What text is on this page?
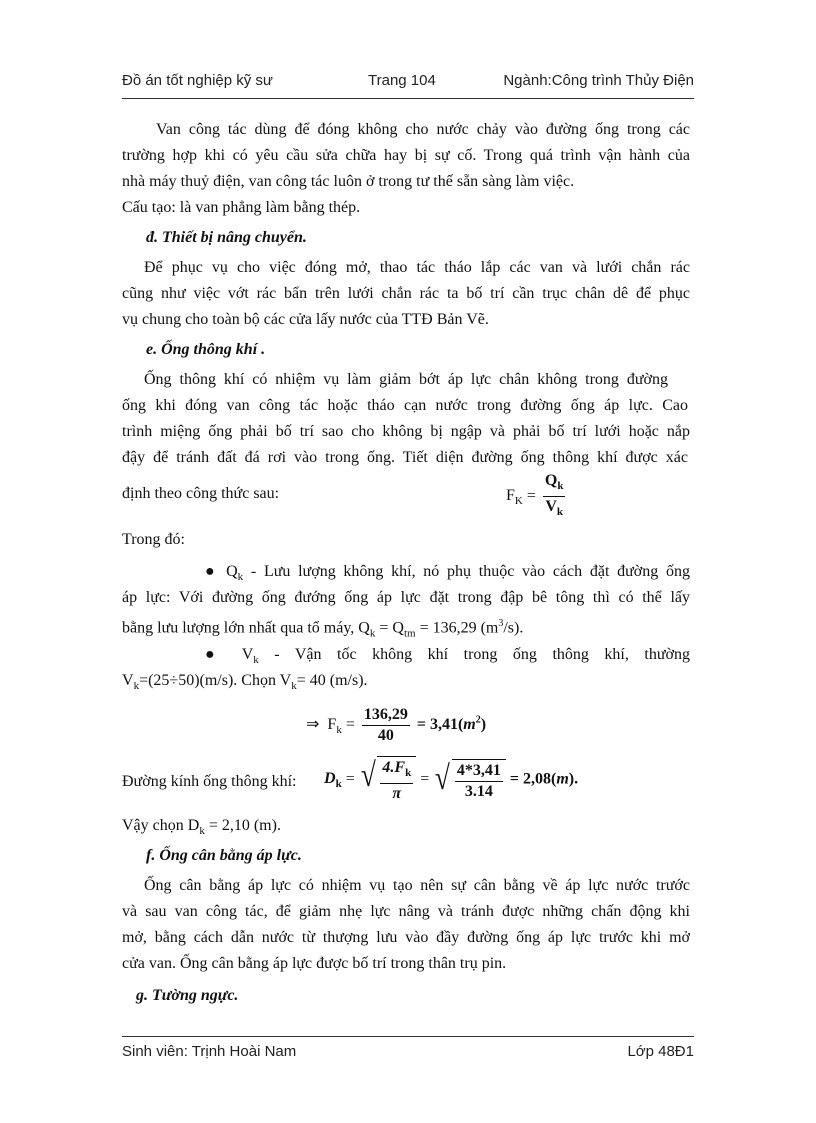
Đồ án tốt nghiệp kỹ sư	Trang 104	Ngành:Công trình Thủy Điện
Van công tác dùng để đóng không cho nước chảy vào đường ống trong các
trường hợp khi có yêu cầu sửa chữa hay bị sự cố. Trong quá trình vận hành của
nhà máy thuỷ điện, van công tác luôn ở trong tư thế sẵn sàng làm việc.
Cấu tạo: là van phẳng làm bằng thép.
đ. Thiết bị nâng chuyển.
Để phục vụ cho việc đóng mở, thao tác tháo lắp các van và lưới chắn rác
cũng như việc vớt rác bẩn trên lưới chắn rác ta bố trí cần trục chân dê để phục
vụ chung cho toàn bộ các cửa lấy nước của TTĐ Bản Vẽ.
e. Ống thông khí .
Ống thông khí có nhiệm vụ làm giảm bớt áp lực chân không trong đường
ống khi đóng van công tác hoặc tháo cạn nước trong đường ống áp lực. Cao
trình miệng ống phải bố trí sao cho không bị ngập và phải bố trí lưới hoặc nắp
đậy để tránh đất đá rơi vào trong ống. Tiết diện đường ống thông khí được xác
định theo công thức sau:	$F_K = \frac{Q_k}{V_k}$
Trong đó:
● $Q_k$ - Lưu lượng không khí, nó phụ thuộc vào cách đặt đường ống
áp lực: Với đường ống đướng ống áp lực đặt trong đập bê tông thì có thể lấy
bằng lưu lượng lớn nhất qua tổ máy, $Q_k = Q_{tm} = 136,29$ $(m^3/s)$.
● $V_k$ - Vận tốc không khí trong ống thông khí, thường
$V_k=(25\div 50)(m/s)$. Chọn $V_k= 40$ (m/s).
⇒  $F_k = \frac{136,29}{40} = 3,41(m^2)$
Đường kính ống thông khí: $D_k$ = √ $\frac{4.F_k}{\pi}$ = √ $\frac{4*3,41}{3.14} = 2,08(m)$.
Vậy chọn $D_k = 2,10$ (m).
f. Ống cân bằng áp lực.
Ống cân bằng áp lực có nhiệm vụ tạo nên sự cân bằng về áp lực nước trước
và sau van công tác, để giảm nhẹ lực nâng và tránh được những chấn động khi
mở, bằng cách dẫn nước từ thượng lưu vào đầy đường ống áp lực trước khi mở
cửa van. Ống cân bằng áp lực được bố trí trong thân trụ pin.
g. Tường ngực.
Sinh viên: Trịnh Hoài Nam	Lớp 48Đ1
